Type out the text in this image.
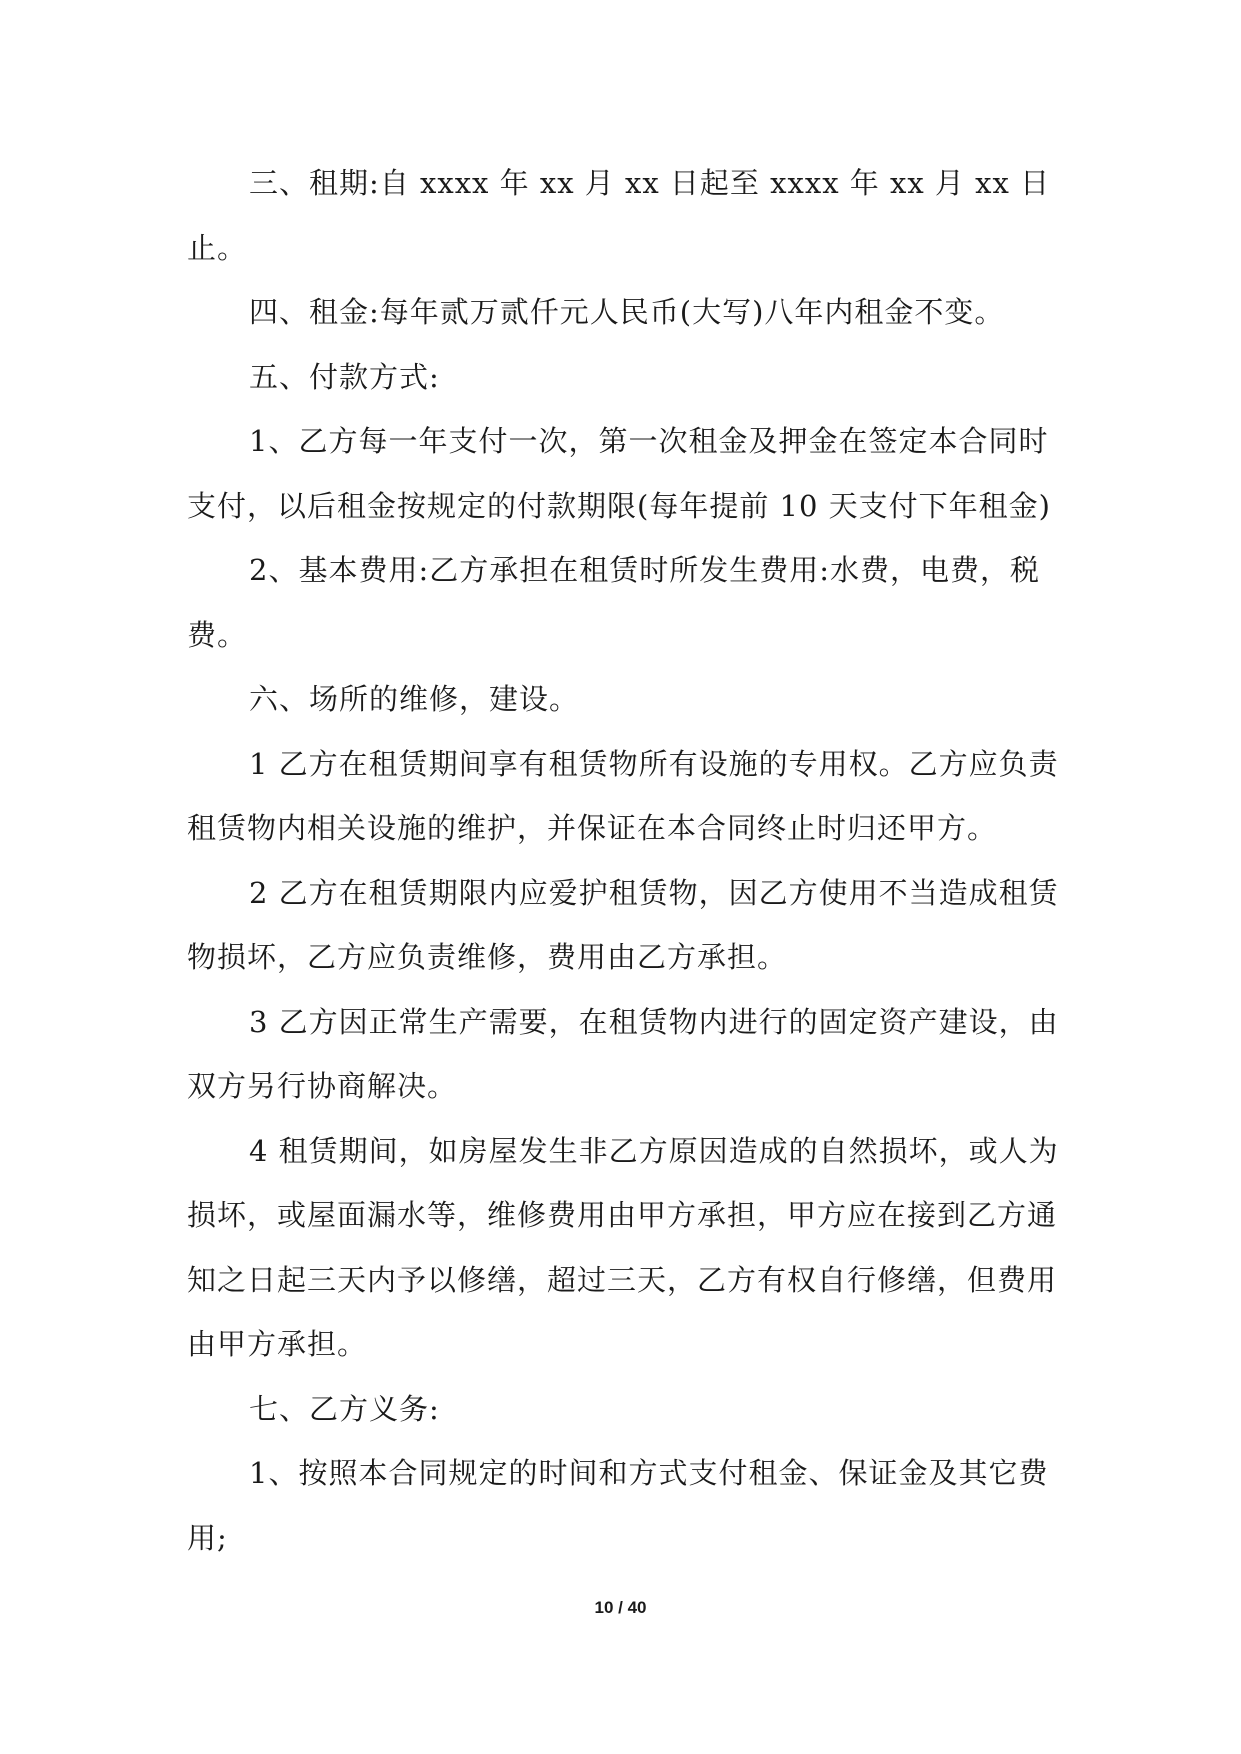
三、租期:自 xxxx 年 xx 月 xx 日起至 xxxx 年 xx 月 xx 日止。

四、租金:每年贰万贰仟元人民币(大写)八年内租金不变。

五、付款方式:

1、乙方每一年支付一次，第一次租金及押金在签定本合同时支付，以后租金按规定的付款期限(每年提前 10 天支付下年租金)

2、基本费用:乙方承担在租赁时所发生费用:水费，电费，税费。

六、场所的维修，建设。

1 乙方在租赁期间享有租赁物所有设施的专用权。乙方应负责租赁物内相关设施的维护，并保证在本合同终止时归还甲方。

2 乙方在租赁期限内应爱护租赁物，因乙方使用不当造成租赁物损坏，乙方应负责维修，费用由乙方承担。

3 乙方因正常生产需要，在租赁物内进行的固定资产建设，由双方另行协商解决。

4 租赁期间，如房屋发生非乙方原因造成的自然损坏，或人为损坏，或屋面漏水等，维修费用由甲方承担，甲方应在接到乙方通知之日起三天内予以修缮，超过三天，乙方有权自行修缮，但费用由甲方承担。

七、乙方义务:

1、按照本合同规定的时间和方式支付租金、保证金及其它费用;

10 / 40
